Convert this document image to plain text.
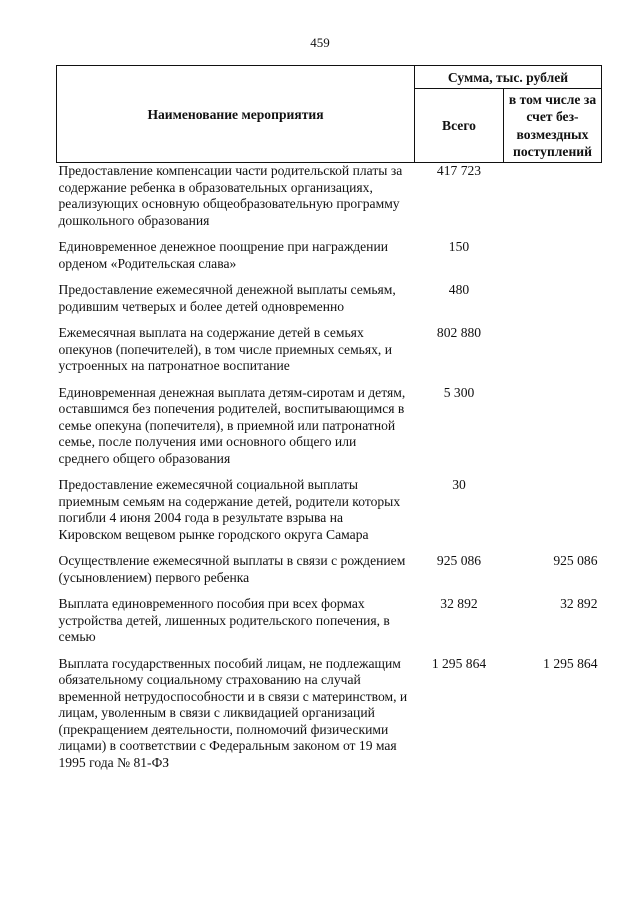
459
Наименование мероприятия	Сумма, тыс. рублей	
	Всего	в том числе за счет без-возмездных поступлений
Предоставление компенсации части родительской платы за содержание ребенка в образовательных организациях, реализующих основную общеобразовательную программу дошкольного образования	417 723	
Единовременное денежное поощрение при награждении орденом «Родительская слава»	150	
Предоставление ежемесячной денежной выплаты семьям, родившим четверых и более детей одновременно	480	
Ежемесячная выплата на содержание детей в семьях опекунов (попечителей), в том числе приемных семьях, и устроенных на патронатное воспитание	802 880	
Единовременная денежная выплата детям-сиротам и детям, оставшимся без попечения родителей, воспитывающимся в семье опекуна (попечителя), в приемной или патронатной семье, после получения ими основного общего или среднего общего образования	5 300	
Предоставление ежемесячной социальной выплаты приемным семьям на содержание детей, родители которых погибли 4 июня 2004 года в результате взрыва на Кировском вещевом рынке городского округа Самара	30	
Осуществление ежемесячной выплаты в связи с рождением (усыновлением) первого ребенка	925 086	925 086
Выплата единовременного пособия при всех формах устройства детей, лишенных родительского попечения, в семью	32 892	32 892
Выплата государственных пособий лицам, не подлежащим обязательному социальному страхованию на случай временной нетрудоспособности и в связи с материнством, и лицам, уволенным в связи с ликвидацией организаций (прекращением деятельности, полномочий физическими лицами) в соответствии с Федеральным законом от 19 мая 1995 года № 81-ФЗ	1 295 864	1 295 864
